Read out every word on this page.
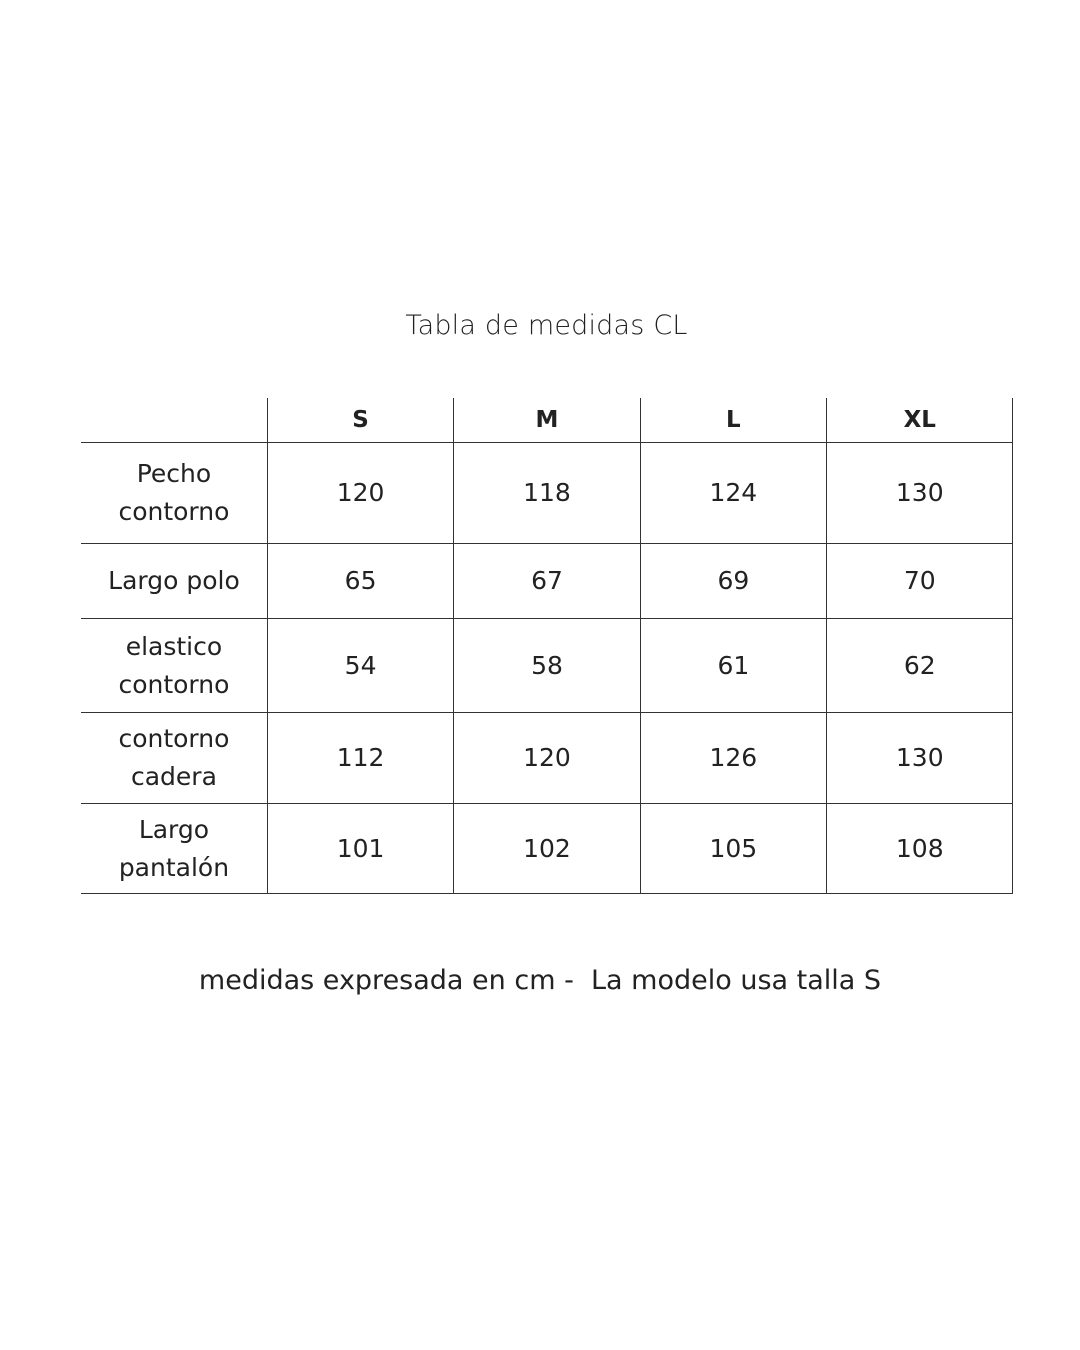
Tabla de medidas CL
	S	M	L	XL

Pecho
contorno	120	118	124	130

Largo polo	65	67	69	70

elastico
contorno	54	58	61	62

contorno
cadera	112	120	126	130

Largo
pantalón	101	102	105	108
medidas expresada en cm -  La modelo usa talla S
